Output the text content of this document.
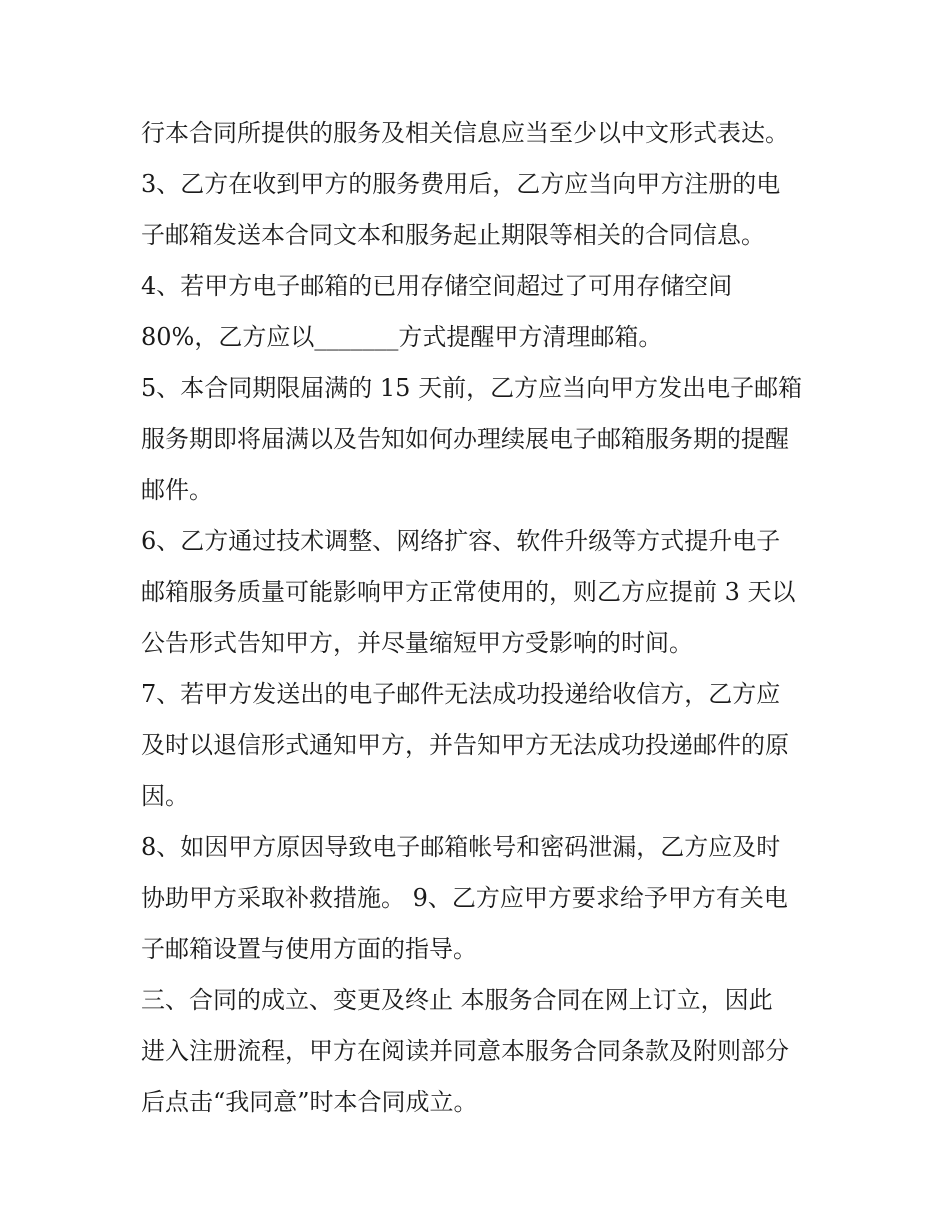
行本合同所提供的服务及相关信息应当至少以中文形式表达。
3、乙方在收到甲方的服务费用后，乙方应当向甲方注册的电
子邮箱发送本合同文本和服务起止期限等相关的合同信息。
4、若甲方电子邮箱的已用存储空间超过了可用存储空间
80%，乙方应以_______方式提醒甲方清理邮箱。
5、本合同期限届满的 15 天前，乙方应当向甲方发出电子邮箱
服务期即将届满以及告知如何办理续展电子邮箱服务期的提醒
邮件。
6、乙方通过技术调整、网络扩容、软件升级等方式提升电子
邮箱服务质量可能影响甲方正常使用的，则乙方应提前 3 天以
公告形式告知甲方，并尽量缩短甲方受影响的时间。
7、若甲方发送出的电子邮件无法成功投递给收信方，乙方应
及时以退信形式通知甲方，并告知甲方无法成功投递邮件的原
因。
8、如因甲方原因导致电子邮箱帐号和密码泄漏，乙方应及时
协助甲方采取补救措施。 9、乙方应甲方要求给予甲方有关电
子邮箱设置与使用方面的指导。
三、合同的成立、变更及终止 本服务合同在网上订立，因此
进入注册流程，甲方在阅读并同意本服务合同条款及附则部分
后点击“我同意”时本合同成立。
